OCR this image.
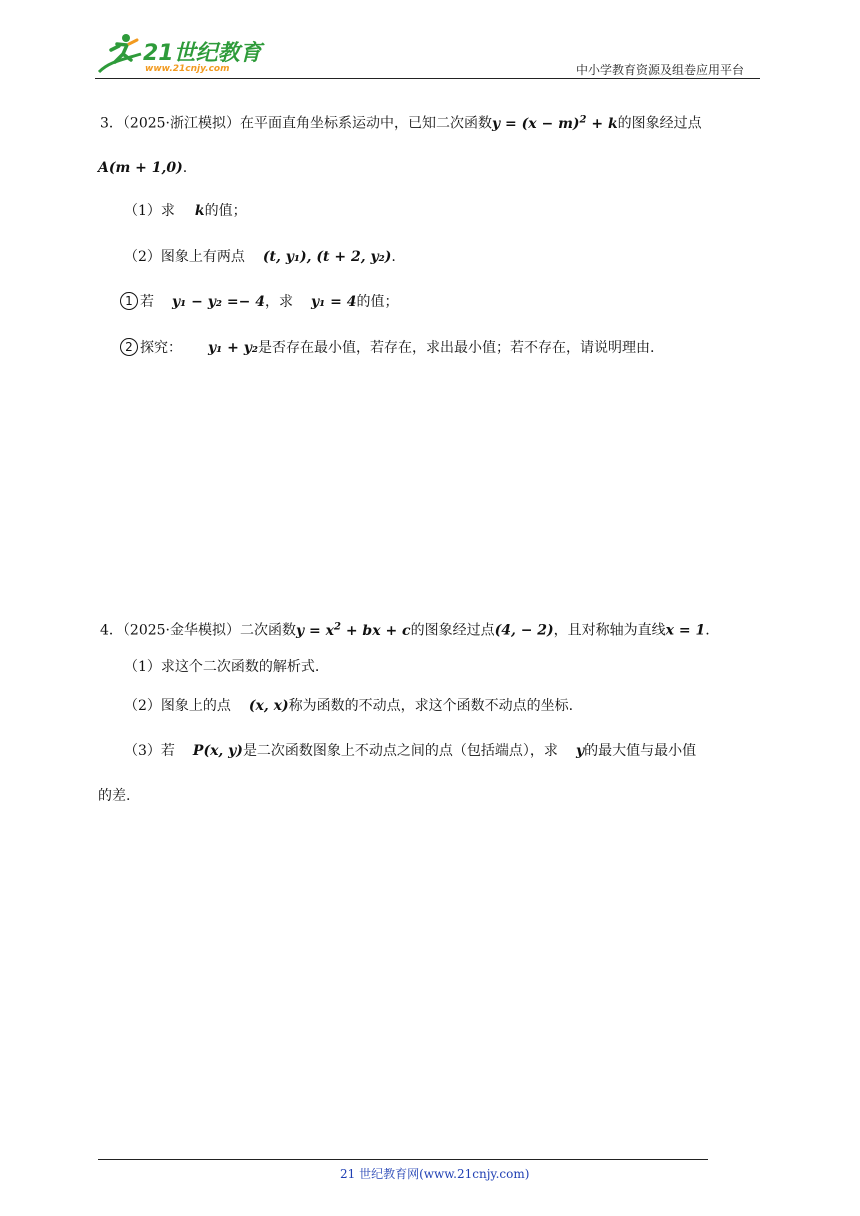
21世纪教育
www.21cnjy.com	中小学教育资源及组卷应用平台
3．（2025·浙江模拟）在平面直角坐标系运动中，已知二次函数$y = (x - m)^2 + k$的图象经过点
A(m + 1,0).
（1）求 k的值；
（2）图象上有两点 (t, y₁), (t + 2, y₂).
1 若 y₁ − y₂ =− 4，求 y₁ = 4的值；
2 探究： y₁ + y₂是否存在最小值，若存在，求出最小值；若不存在，请说明理由.
4．（2025·金华模拟）二次函数$y = x^2$ + bx + c的图象经过点(4, − 2)，且对称轴为直线x = 1.
（1）求这个二次函数的解析式.
（2）图象上的点 (x, x)称为函数的不动点，求这个函数不动点的坐标.
（3）若 P(x, y)是二次函数图象上不动点之间的点（包括端点），求 y的最大值与最小值
的差.
21 世纪教育网(www.21cnjy.com)
